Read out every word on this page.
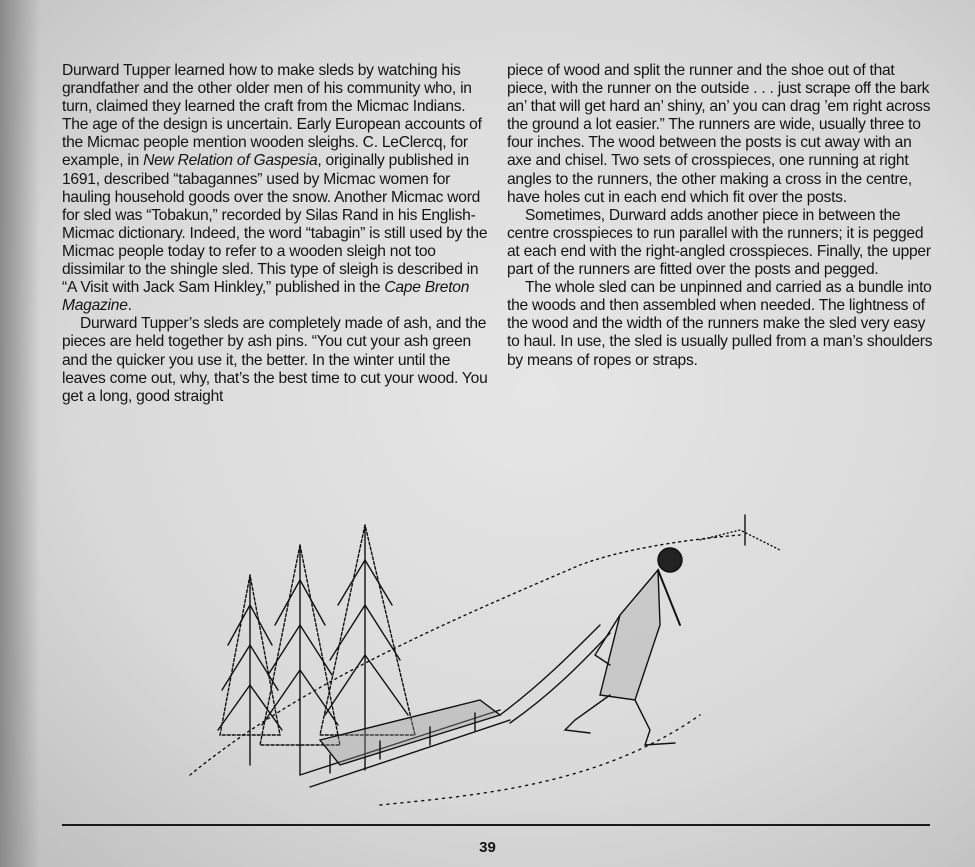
Durward Tupper learned how to make sleds by watching his grandfather and the other older men of his community who, in turn, claimed they learned the craft from the Micmac Indians. The age of the design is uncertain. Early European accounts of the Micmac people mention wooden sleighs. C. LeClercq, for example, in New Relation of Gaspesia, originally published in 1691, described “tabagannes” used by Micmac women for hauling household goods over the snow. Another Micmac word for sled was “Tobakun,” recorded by Silas Rand in his English-Micmac dictionary. Indeed, the word “tabagin” is still used by the Micmac people today to refer to a wooden sleigh not too dissimilar to the shingle sled. This type of sleigh is described in “A Visit with Jack Sam Hinkley,” published in the Cape Breton Magazine.

Durward Tupper’s sleds are completely made of ash, and the pieces are held together by ash pins. “You cut your ash green and the quicker you use it, the better. In the winter until the leaves come out, why, that’s the best time to cut your wood. You get a long, good straight

piece of wood and split the runner and the shoe out of that piece, with the runner on the outside . . . just scrape off the bark an’ that will get hard an’ shiny, an’ you can drag ’em right across the ground a lot easier.” The runners are wide, usually three to four inches. The wood between the posts is cut away with an axe and chisel. Two sets of crosspieces, one running at right angles to the runners, the other making a cross in the centre, have holes cut in each end which fit over the posts.

Sometimes, Durward adds another piece in between the centre crosspieces to run parallel with the runners; it is pegged at each end with the right-angled crosspieces. Finally, the upper part of the runners are fitted over the posts and pegged.

The whole sled can be unpinned and carried as a bundle into the woods and then assembled when needed. The lightness of the wood and the width of the runners make the sled very easy to haul. In use, the sled is usually pulled from a man’s shoulders by means of ropes or straps.

39
